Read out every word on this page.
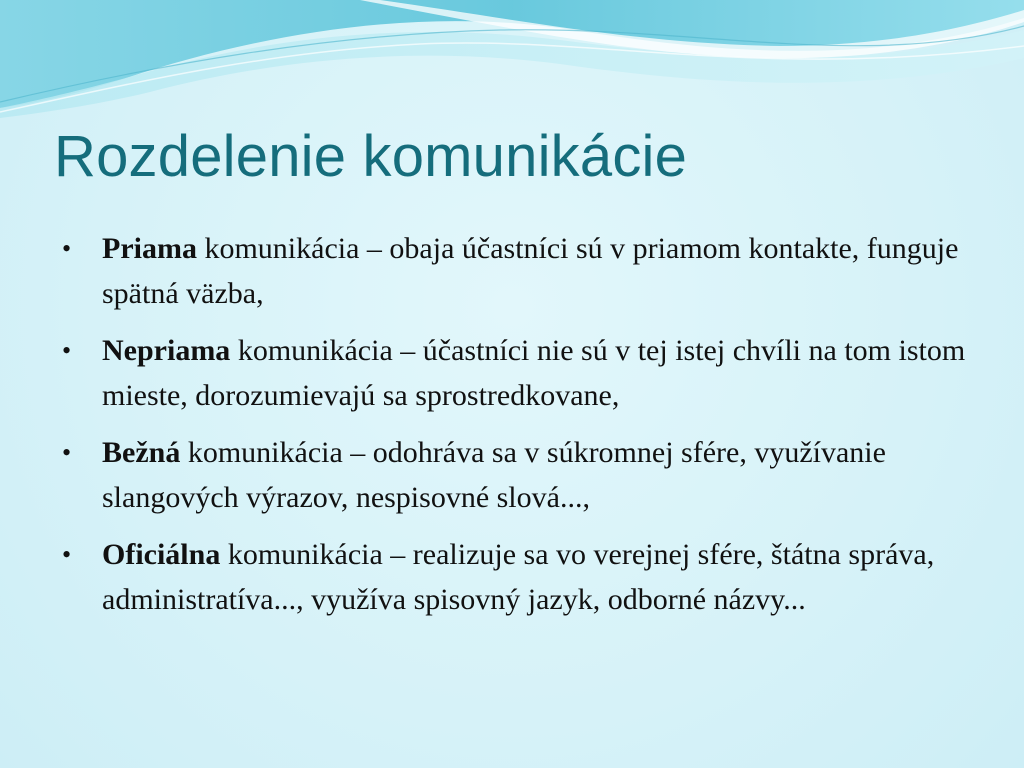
Rozdelenie komunikácie
• Priama komunikácia – obaja účastníci sú v priamom kontakte, funguje spätná väzba,
• Nepriama komunikácia – účastníci nie sú v tej istej chvíli na tom istom mieste, dorozumievajú sa sprostredkovane,
• Bežná komunikácia – odohráva sa v súkromnej sfére, využívanie slangových výrazov, nespisovné slová...,
• Oficiálna komunikácia – realizuje sa vo verejnej sfére, štátna správa, administratíva..., využíva spisovný jazyk, odborné názvy...
